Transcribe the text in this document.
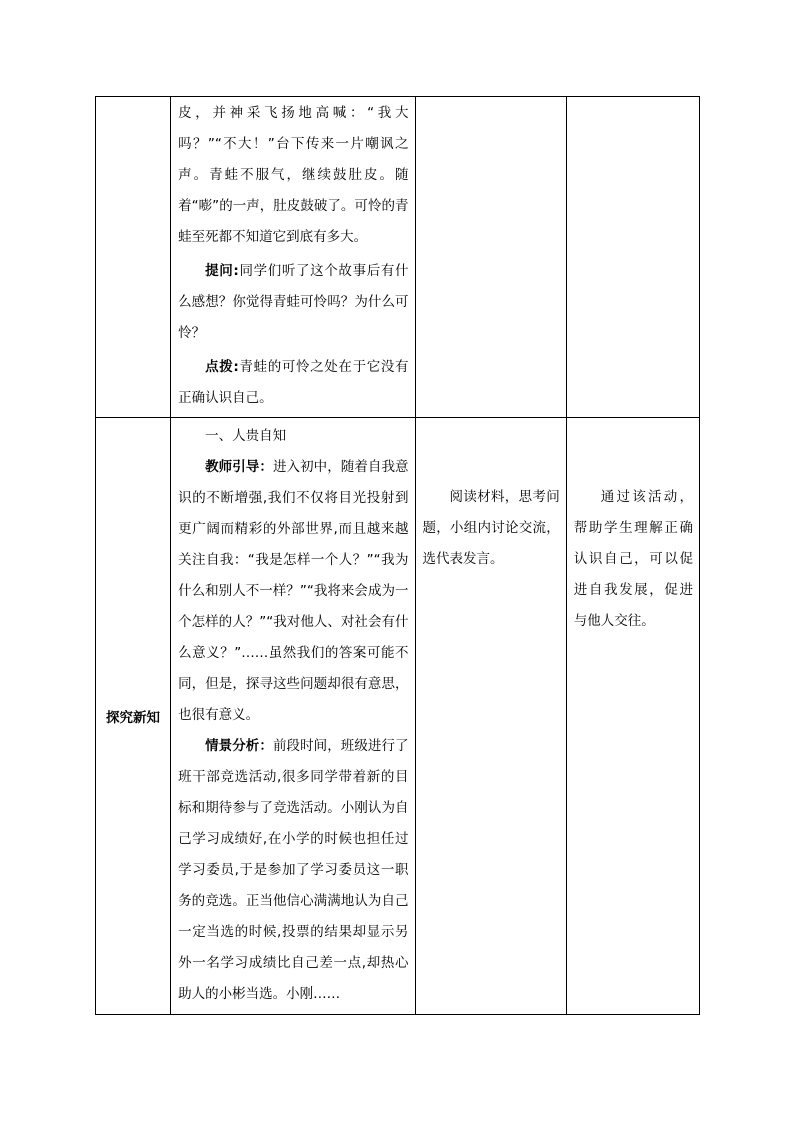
	皮，并神采飞扬地高喊：“我大吗？”“不大！”台下传来一片嘲讽之声。青蛙不服气，继续鼓肚皮。随着“嘭”的一声，肚皮鼓破了。可怜的青蛙至死都不知道它到底有多大。

提问:同学们听了这个故事后有什么感想？你觉得青蛙可怜吗？为什么可怜？

点拨:青蛙的可怜之处在于它没有正确认识自己。		

探究新知	一、人贵自知

教师引导：进入初中，随着自我意识的不断增强,我们不仅将目光投射到更广阔而精彩的外部世界,而且越来越关注自我：“我是怎样一个人？”“我为什么和别人不一样？”“我将来会成为一个怎样的人？”“我对他人、对社会有什么意义？”……虽然我们的答案可能不同，但是，探寻这些问题却很有意思，也很有意义。

情景分析：前段时间，班级进行了班干部竞选活动,很多同学带着新的目标和期待参与了竞选活动。小刚认为自己学习成绩好,在小学的时候也担任过学习委员,于是参加了学习委员这一职务的竞选。正当他信心满满地认为自己一定当选的时候,投票的结果却显示另外一名学习成绩比自己差一点,却热心助人的小彬当选。小刚……	阅读材料，思考问题，小组内讨论交流，选代表发言。	通过该活动，帮助学生理解正确认识自己，可以促进自我发展，促进与他人交往。
